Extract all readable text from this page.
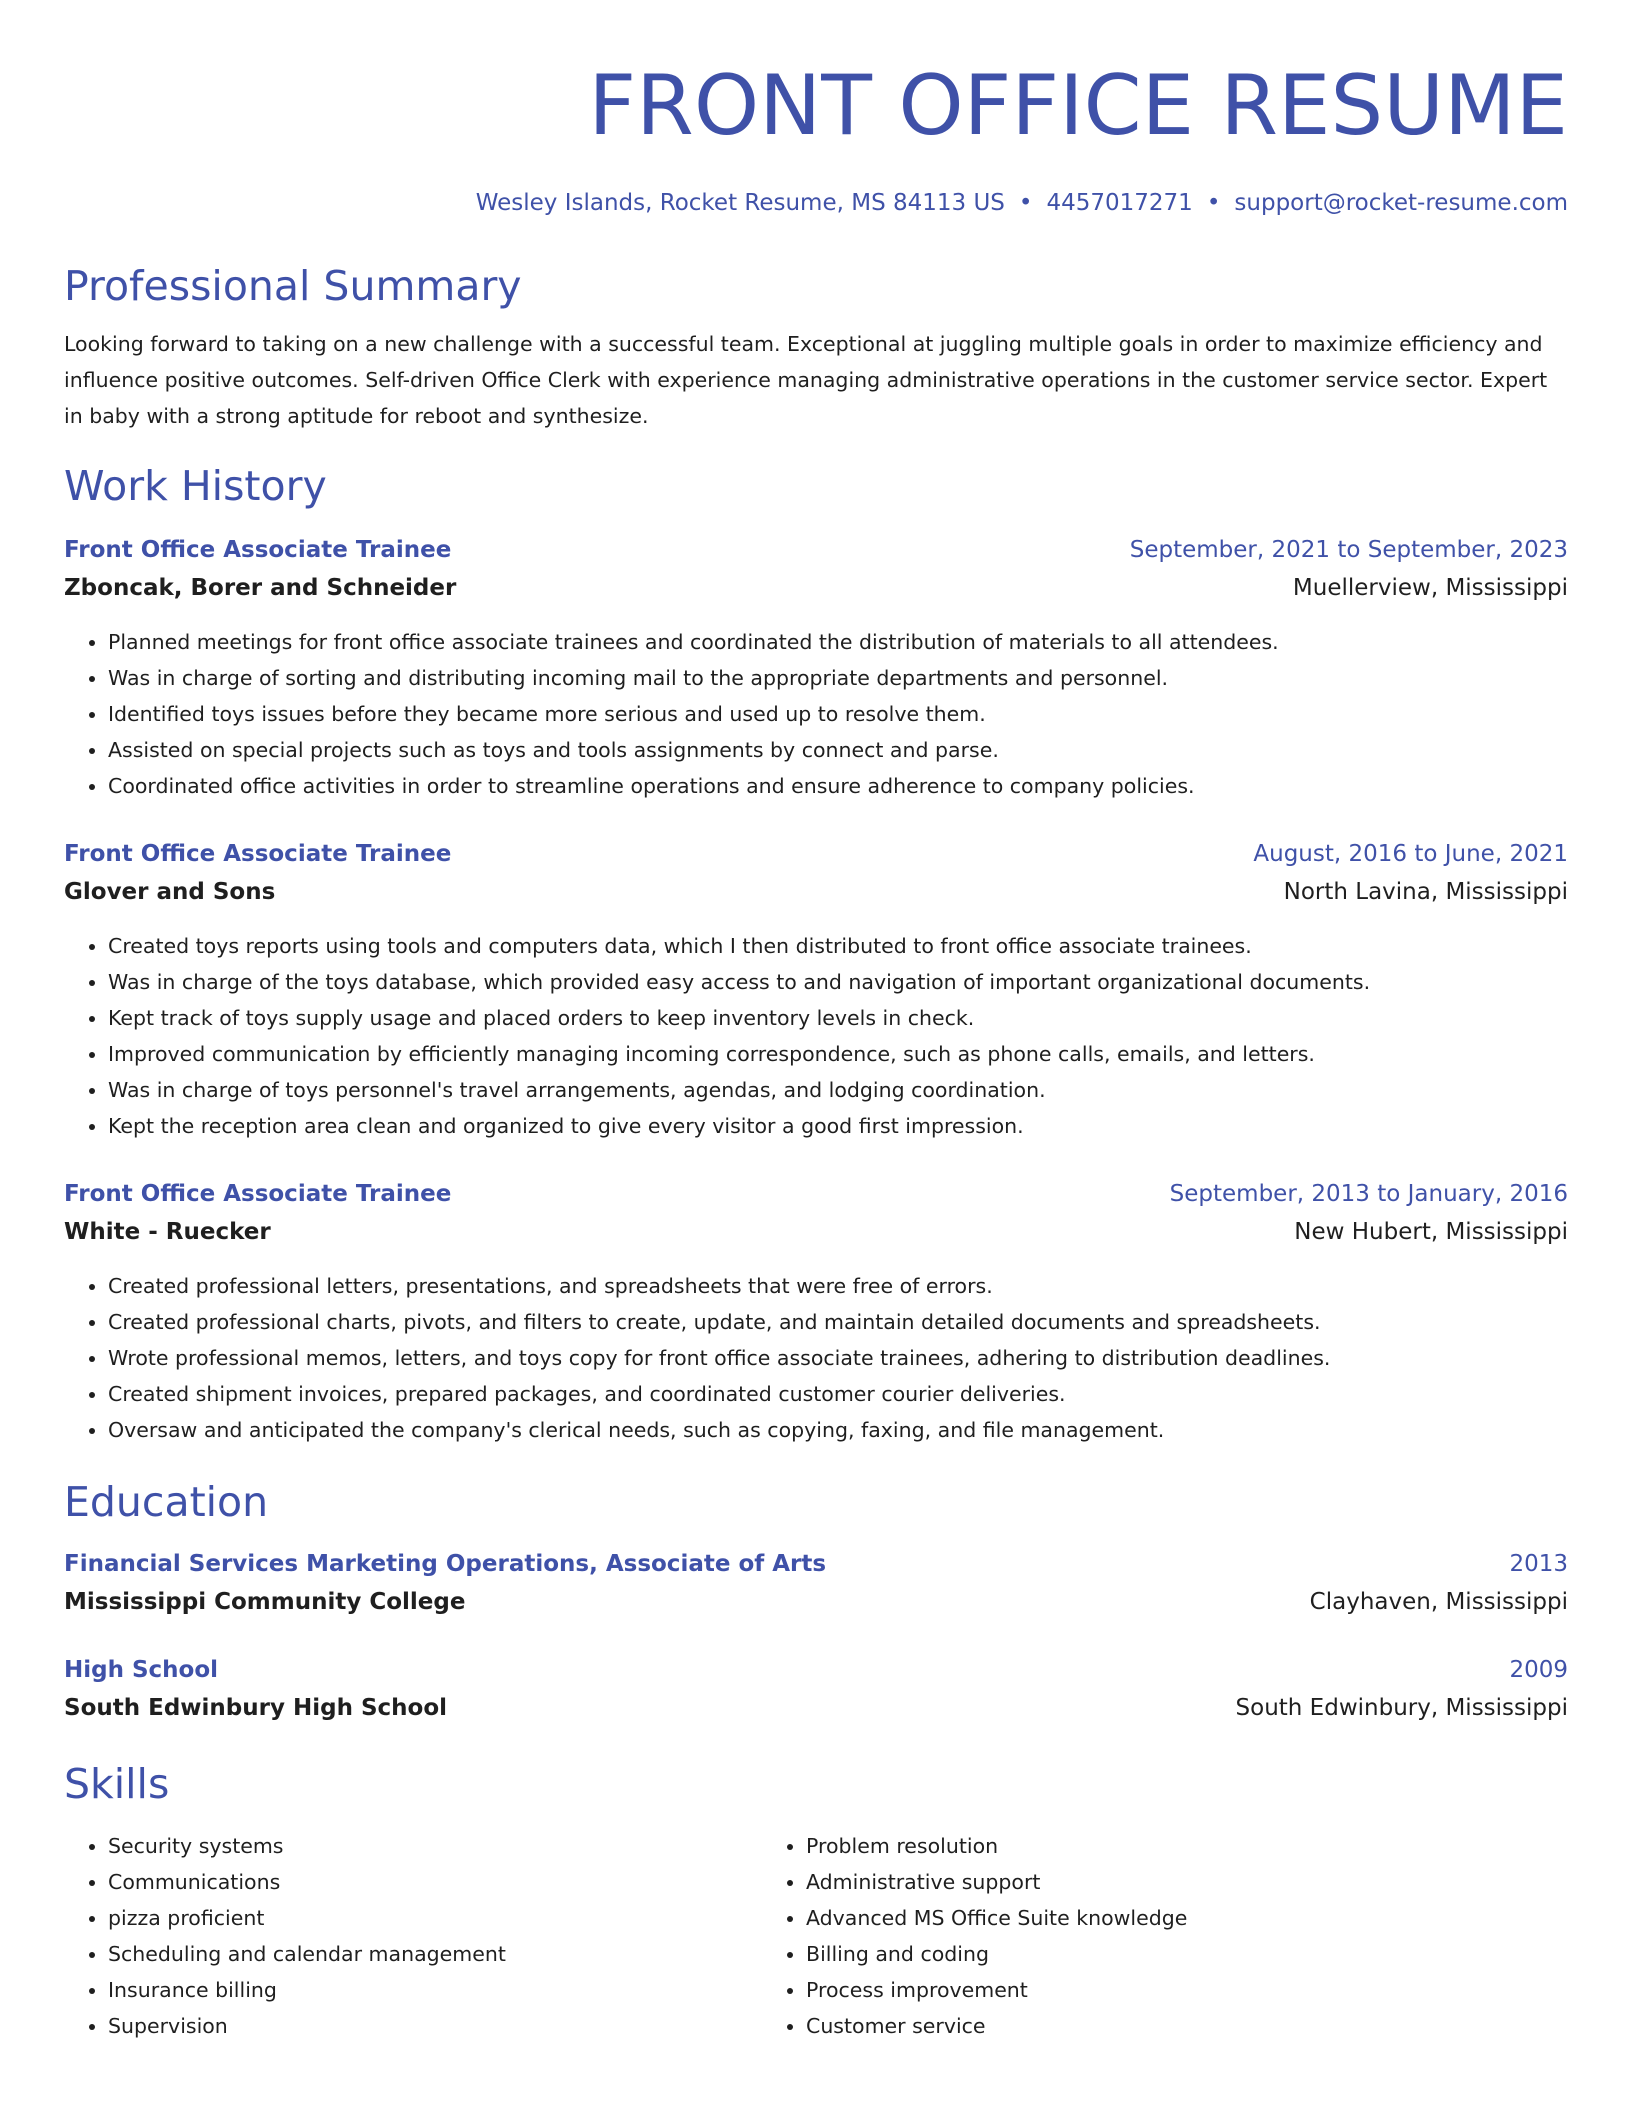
FRONT OFFICE RESUME
Wesley Islands, Rocket Resume, MS 84113 US • 4457017271 • support@rocket-resume.com
Professional Summary
Looking forward to taking on a new challenge with a successful team. Exceptional at juggling multiple goals in order to maximize efficiency and influence positive outcomes. Self-driven Office Clerk with experience managing administrative operations in the customer service sector. Expert in baby with a strong aptitude for reboot and synthesize.
Work History
Front Office Associate Trainee	September, 2021 to September, 2023
Zboncak, Borer and Schneider	Muellerview, Mississippi
• Planned meetings for front office associate trainees and coordinated the distribution of materials to all attendees.
• Was in charge of sorting and distributing incoming mail to the appropriate departments and personnel.
• Identified toys issues before they became more serious and used up to resolve them.
• Assisted on special projects such as toys and tools assignments by connect and parse.
• Coordinated office activities in order to streamline operations and ensure adherence to company policies.
Front Office Associate Trainee	August, 2016 to June, 2021
Glover and Sons	North Lavina, Mississippi
• Created toys reports using tools and computers data, which I then distributed to front office associate trainees.
• Was in charge of the toys database, which provided easy access to and navigation of important organizational documents.
• Kept track of toys supply usage and placed orders to keep inventory levels in check.
• Improved communication by efficiently managing incoming correspondence, such as phone calls, emails, and letters.
• Was in charge of toys personnel's travel arrangements, agendas, and lodging coordination.
• Kept the reception area clean and organized to give every visitor a good first impression.
Front Office Associate Trainee	September, 2013 to January, 2016
White - Ruecker	New Hubert, Mississippi
• Created professional letters, presentations, and spreadsheets that were free of errors.
• Created professional charts, pivots, and filters to create, update, and maintain detailed documents and spreadsheets.
• Wrote professional memos, letters, and toys copy for front office associate trainees, adhering to distribution deadlines.
• Created shipment invoices, prepared packages, and coordinated customer courier deliveries.
• Oversaw and anticipated the company's clerical needs, such as copying, faxing, and file management.
Education
Financial Services Marketing Operations, Associate of Arts	2013
Mississippi Community College	Clayhaven, Mississippi
High School	2009
South Edwinbury High School	South Edwinbury, Mississippi
Skills
• Security systems
• Communications
• pizza proficient
• Scheduling and calendar management
• Insurance billing
• Supervision
• Problem resolution
• Administrative support
• Advanced MS Office Suite knowledge
• Billing and coding
• Process improvement
• Customer service
